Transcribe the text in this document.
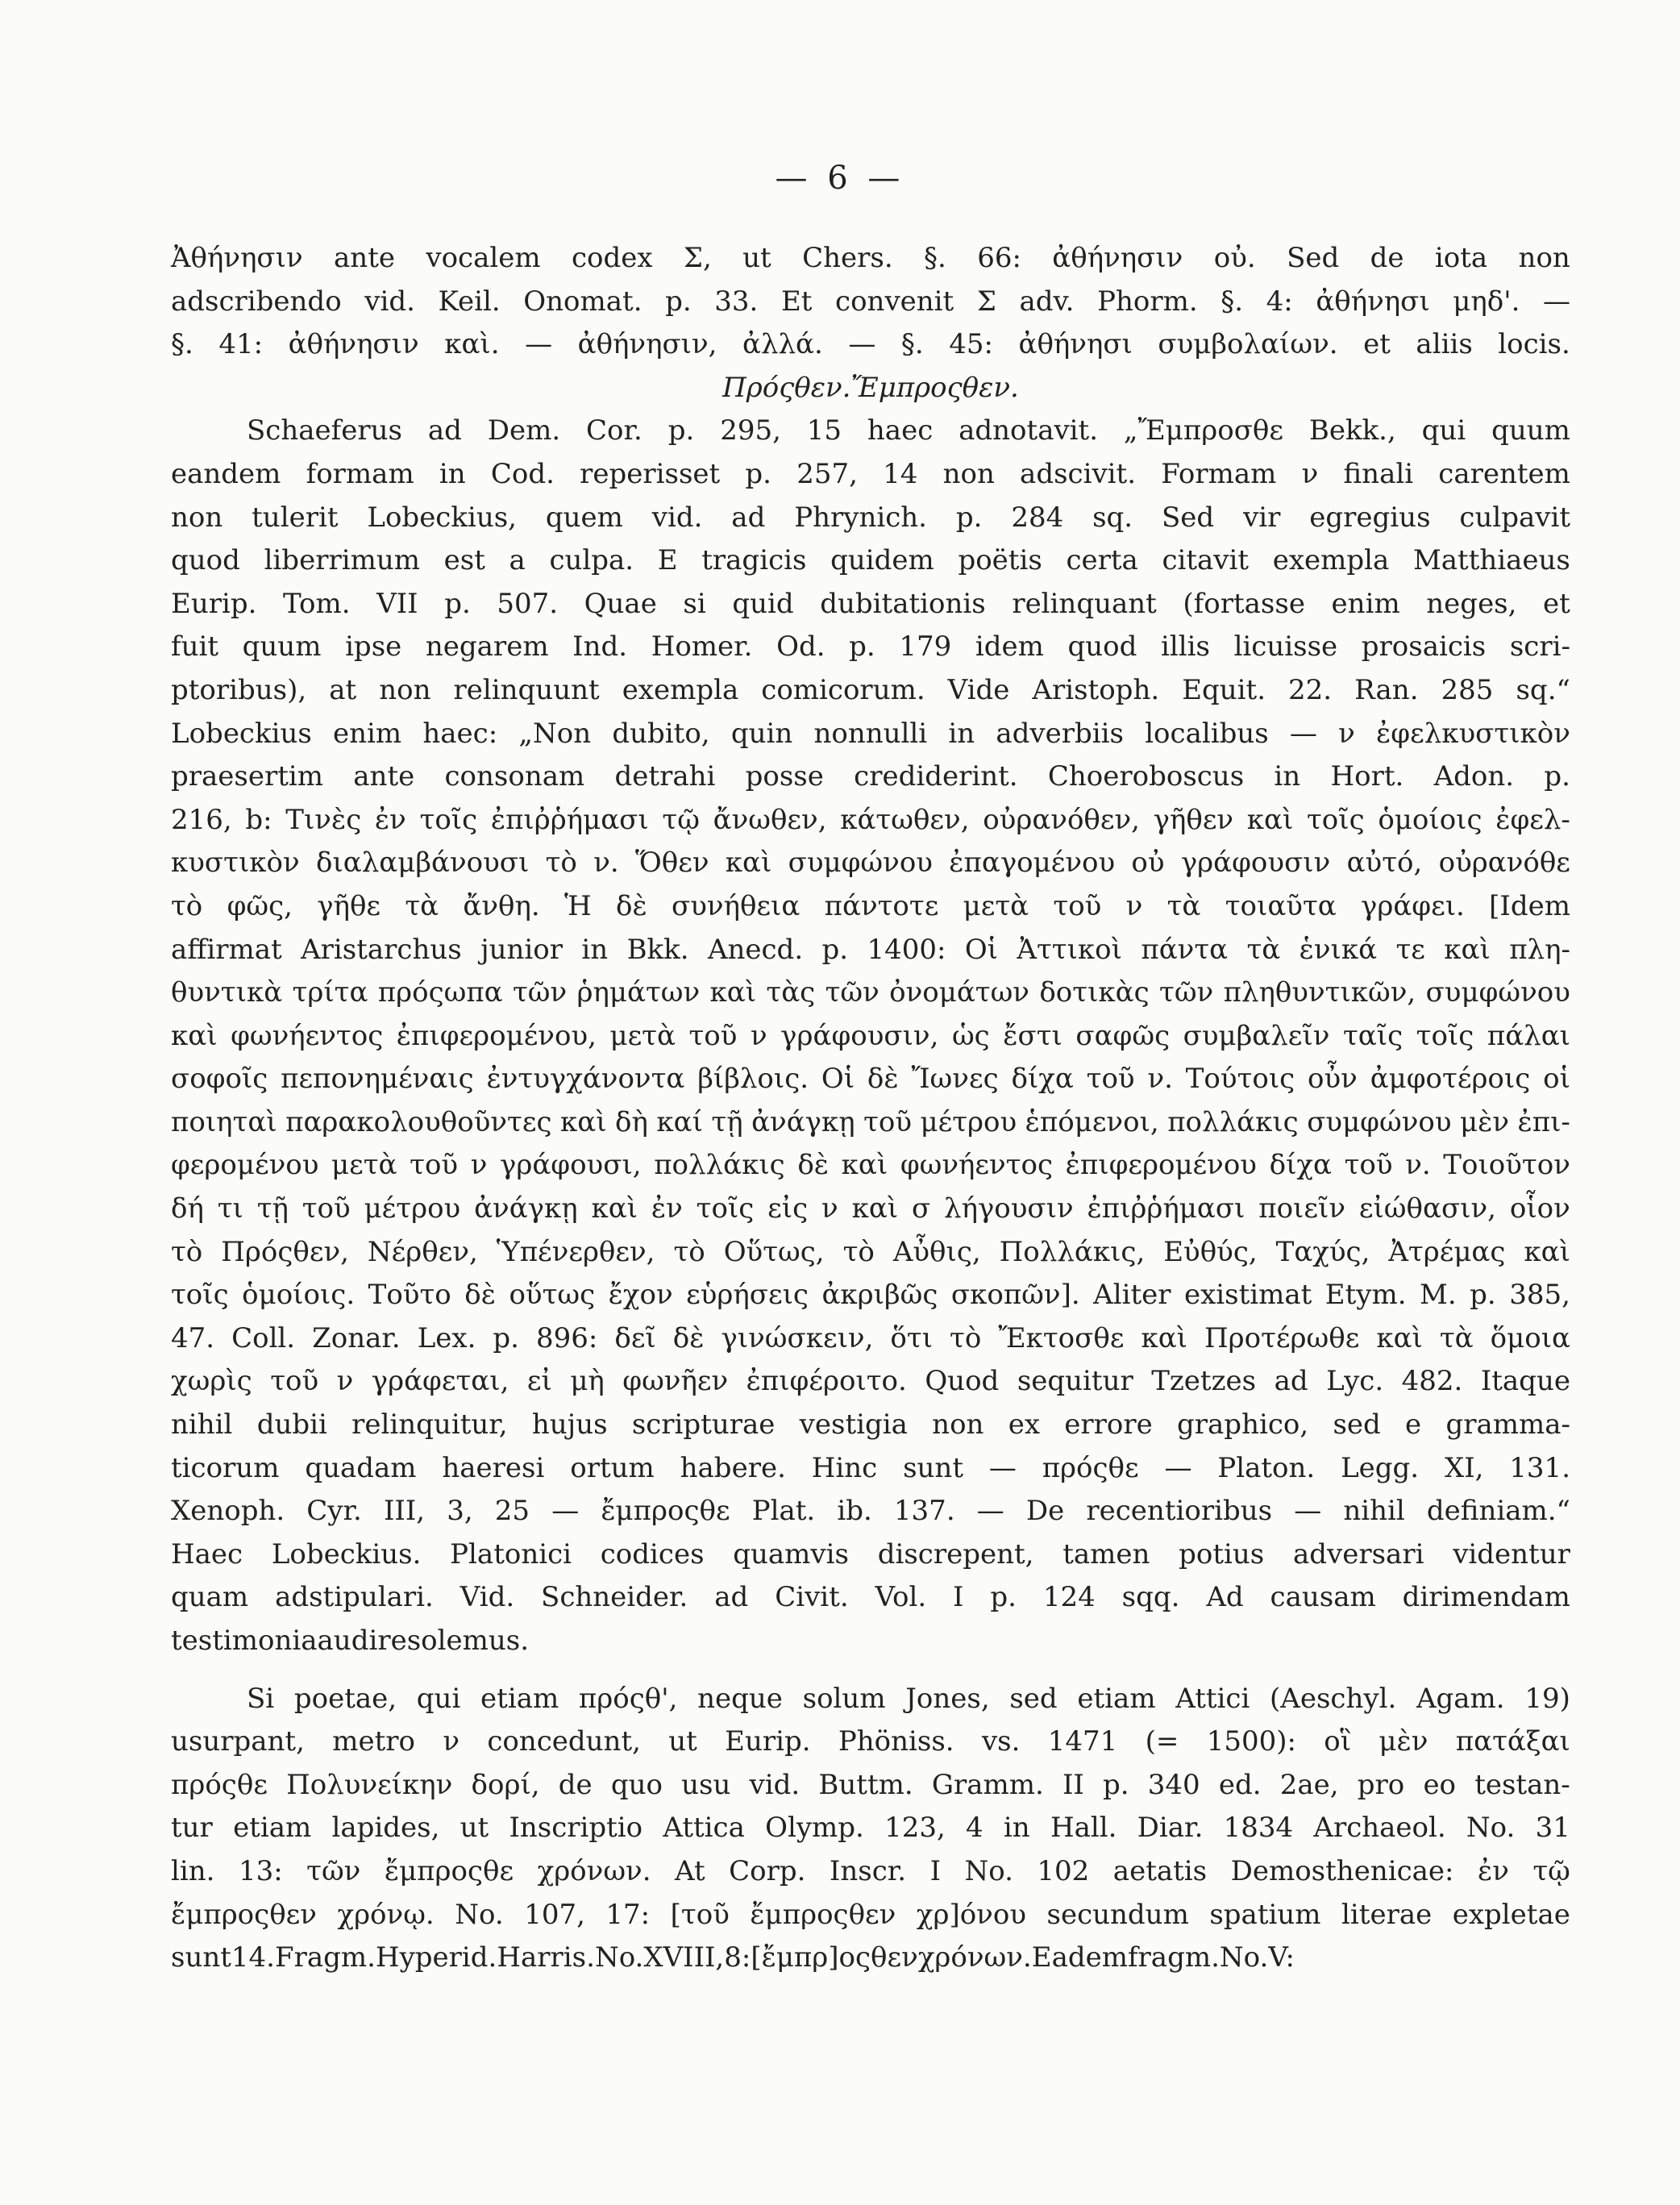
— 6 —
Ἀθήνησιν ante vocalem codex Σ, ut Chers. §. 66: ἀθήνησιν οὐ. Sed de iota non
adscribendo vid. Keil. Onomat. p. 33. Et convenit Σ adv. Phorm. §. 4: ἀθήνησι μηδ'. —
§. 41: ἀθήνησιν καὶ. — ἀθήνησιν, ἀλλά. — §. 45: ἀθήνησι συμβολαίων. et aliis locis.
Πρόςθεν. Ἔμπροςθεν.
Schaeferus ad Dem. Cor. p. 295, 15 haec adnotavit. „Ἔμπροσθε Bekk., qui quum
eandem formam in Cod. reperisset p. 257, 14 non adscivit. Formam ν finali carentem
non tulerit Lobeckius, quem vid. ad Phrynich. p. 284 sq. Sed vir egregius culpavit
quod liberrimum est a culpa. E tragicis quidem poëtis certa citavit exempla Matthiaeus
Eurip. Tom. VII p. 507. Quae si quid dubitationis relinquant (fortasse enim neges, et
fuit quum ipse negarem Ind. Homer. Od. p. 179 idem quod illis licuisse prosaicis scri-
ptoribus), at non relinquunt exempla comicorum. Vide Aristoph. Equit. 22. Ran. 285 sq.“
Lobeckius enim haec: „Non dubito, quin nonnulli in adverbiis localibus — ν ἐφελκυστικὸν
praesertim ante consonam detrahi posse crediderint. Choeroboscus in Hort. Adon. p.
216, b: Τινὲς ἐν τοῖς ἐπιῤῥήμασι τῷ ἄνωθεν, κάτωθεν, οὐρανόθεν, γῆθεν καὶ τοῖς ὁμοίοις ἐφελ-
κυστικὸν διαλαμβάνουσι τὸ ν. Ὅθεν καὶ συμφώνου ἐπαγομένου οὐ γράφουσιν αὐτό, οὐρανόθε
τὸ φῶς, γῆθε τὰ ἄνθη. Ἡ δὲ συνήθεια πάντοτε μετὰ τοῦ ν τὰ τοιαῦτα γράφει. [Idem
affirmat Aristarchus junior in Bkk. Anecd. p. 1400: Οἱ Ἀττικοὶ πάντα τὰ ἑνικά τε καὶ πλη-
θυντικὰ τρίτα πρόςωπα τῶν ῥημάτων καὶ τὰς τῶν ὀνομάτων δοτικὰς τῶν πληθυντικῶν, συμφώνου
καὶ φωνήεντος ἐπιφερομένου, μετὰ τοῦ ν γράφουσιν, ὡς ἔστι σαφῶς συμβαλεῖν ταῖς τοῖς πάλαι
σοφοῖς πεπονημέναις ἐντυγχάνοντα βίβλοις. Οἱ δὲ Ἴωνες δίχα τοῦ ν. Τούτοις οὖν ἀμφοτέροις οἱ
ποιηταὶ παρακολουθοῦντες καὶ δὴ καί τῇ ἀνάγκῃ τοῦ μέτρου ἑπόμενοι, πολλάκις συμφώνου μὲν ἐπι-
φερομένου μετὰ τοῦ ν γράφουσι, πολλάκις δὲ καὶ φωνήεντος ἐπιφερομένου δίχα τοῦ ν. Τοιοῦτον
δή τι τῇ τοῦ μέτρου ἀνάγκῃ καὶ ἐν τοῖς εἰς ν καὶ σ λήγουσιν ἐπιῤῥήμασι ποιεῖν εἰώθασιν, οἷον
τὸ Πρόςθεν, Νέρθεν, Ὑπένερθεν, τὸ Οὕτως, τὸ Αὖθις, Πολλάκις, Εὐθύς, Ταχύς, Ἀτρέμας καὶ
τοῖς ὁμοίοις. Τοῦτο δὲ οὕτως ἔχον εὑρήσεις ἀκριβῶς σκοπῶν]. Aliter existimat Etym. M. p. 385,
47. Coll. Zonar. Lex. p. 896: δεῖ δὲ γινώσκειν, ὅτι τὸ Ἔκτοσθε καὶ Προτέρωθε καὶ τὰ ὅμοια
χωρὶς τοῦ ν γράφεται, εἰ μὴ φωνῆεν ἐπιφέροιτο. Quod sequitur Tzetzes ad Lyc. 482. Itaque
nihil dubii relinquitur, hujus scripturae vestigia non ex errore graphico, sed e gramma-
ticorum quadam haeresi ortum habere. Hinc sunt — πρόςθε — Platon. Legg. XI, 131.
Xenoph. Cyr. III, 3, 25 — ἔμπροςθε Plat. ib. 137. — De recentioribus — nihil definiam.“
Haec Lobeckius. Platonici codices quamvis discrepent, tamen potius adversari videntur
quam adstipulari. Vid. Schneider. ad Civit. Vol. I p. 124 sqq. Ad causam dirimendam
testimonia audire solemus.
Si poetae, qui etiam πρόςθ', neque solum Jones, sed etiam Attici (Aeschyl. Agam. 19)
usurpant, metro ν concedunt, ut Eurip. Phöniss. vs. 1471 (= 1500): οἳ μὲν πατάξαι
πρόςθε Πολυνείκην δορί, de quo usu vid. Buttm. Gramm. II p. 340 ed. 2ae, pro eo testan-
tur etiam lapides, ut Inscriptio Attica Olymp. 123, 4 in Hall. Diar. 1834 Archaeol. No. 31
lin. 13: τῶν ἔμπροςθε χρόνων. At Corp. Inscr. I No. 102 aetatis Demosthenicae: ἐν τῷ
ἔμπροςθεν χρόνῳ. No. 107, 17: [τοῦ ἔμπροςθεν χρ]όνου secundum spatium literae expletae
sunt 14. Fragm. Hyperid. Harris. No. XVIII, 8: [ἔμπρ]οςθεν χρόνων. Eadem fragm. No. V:
